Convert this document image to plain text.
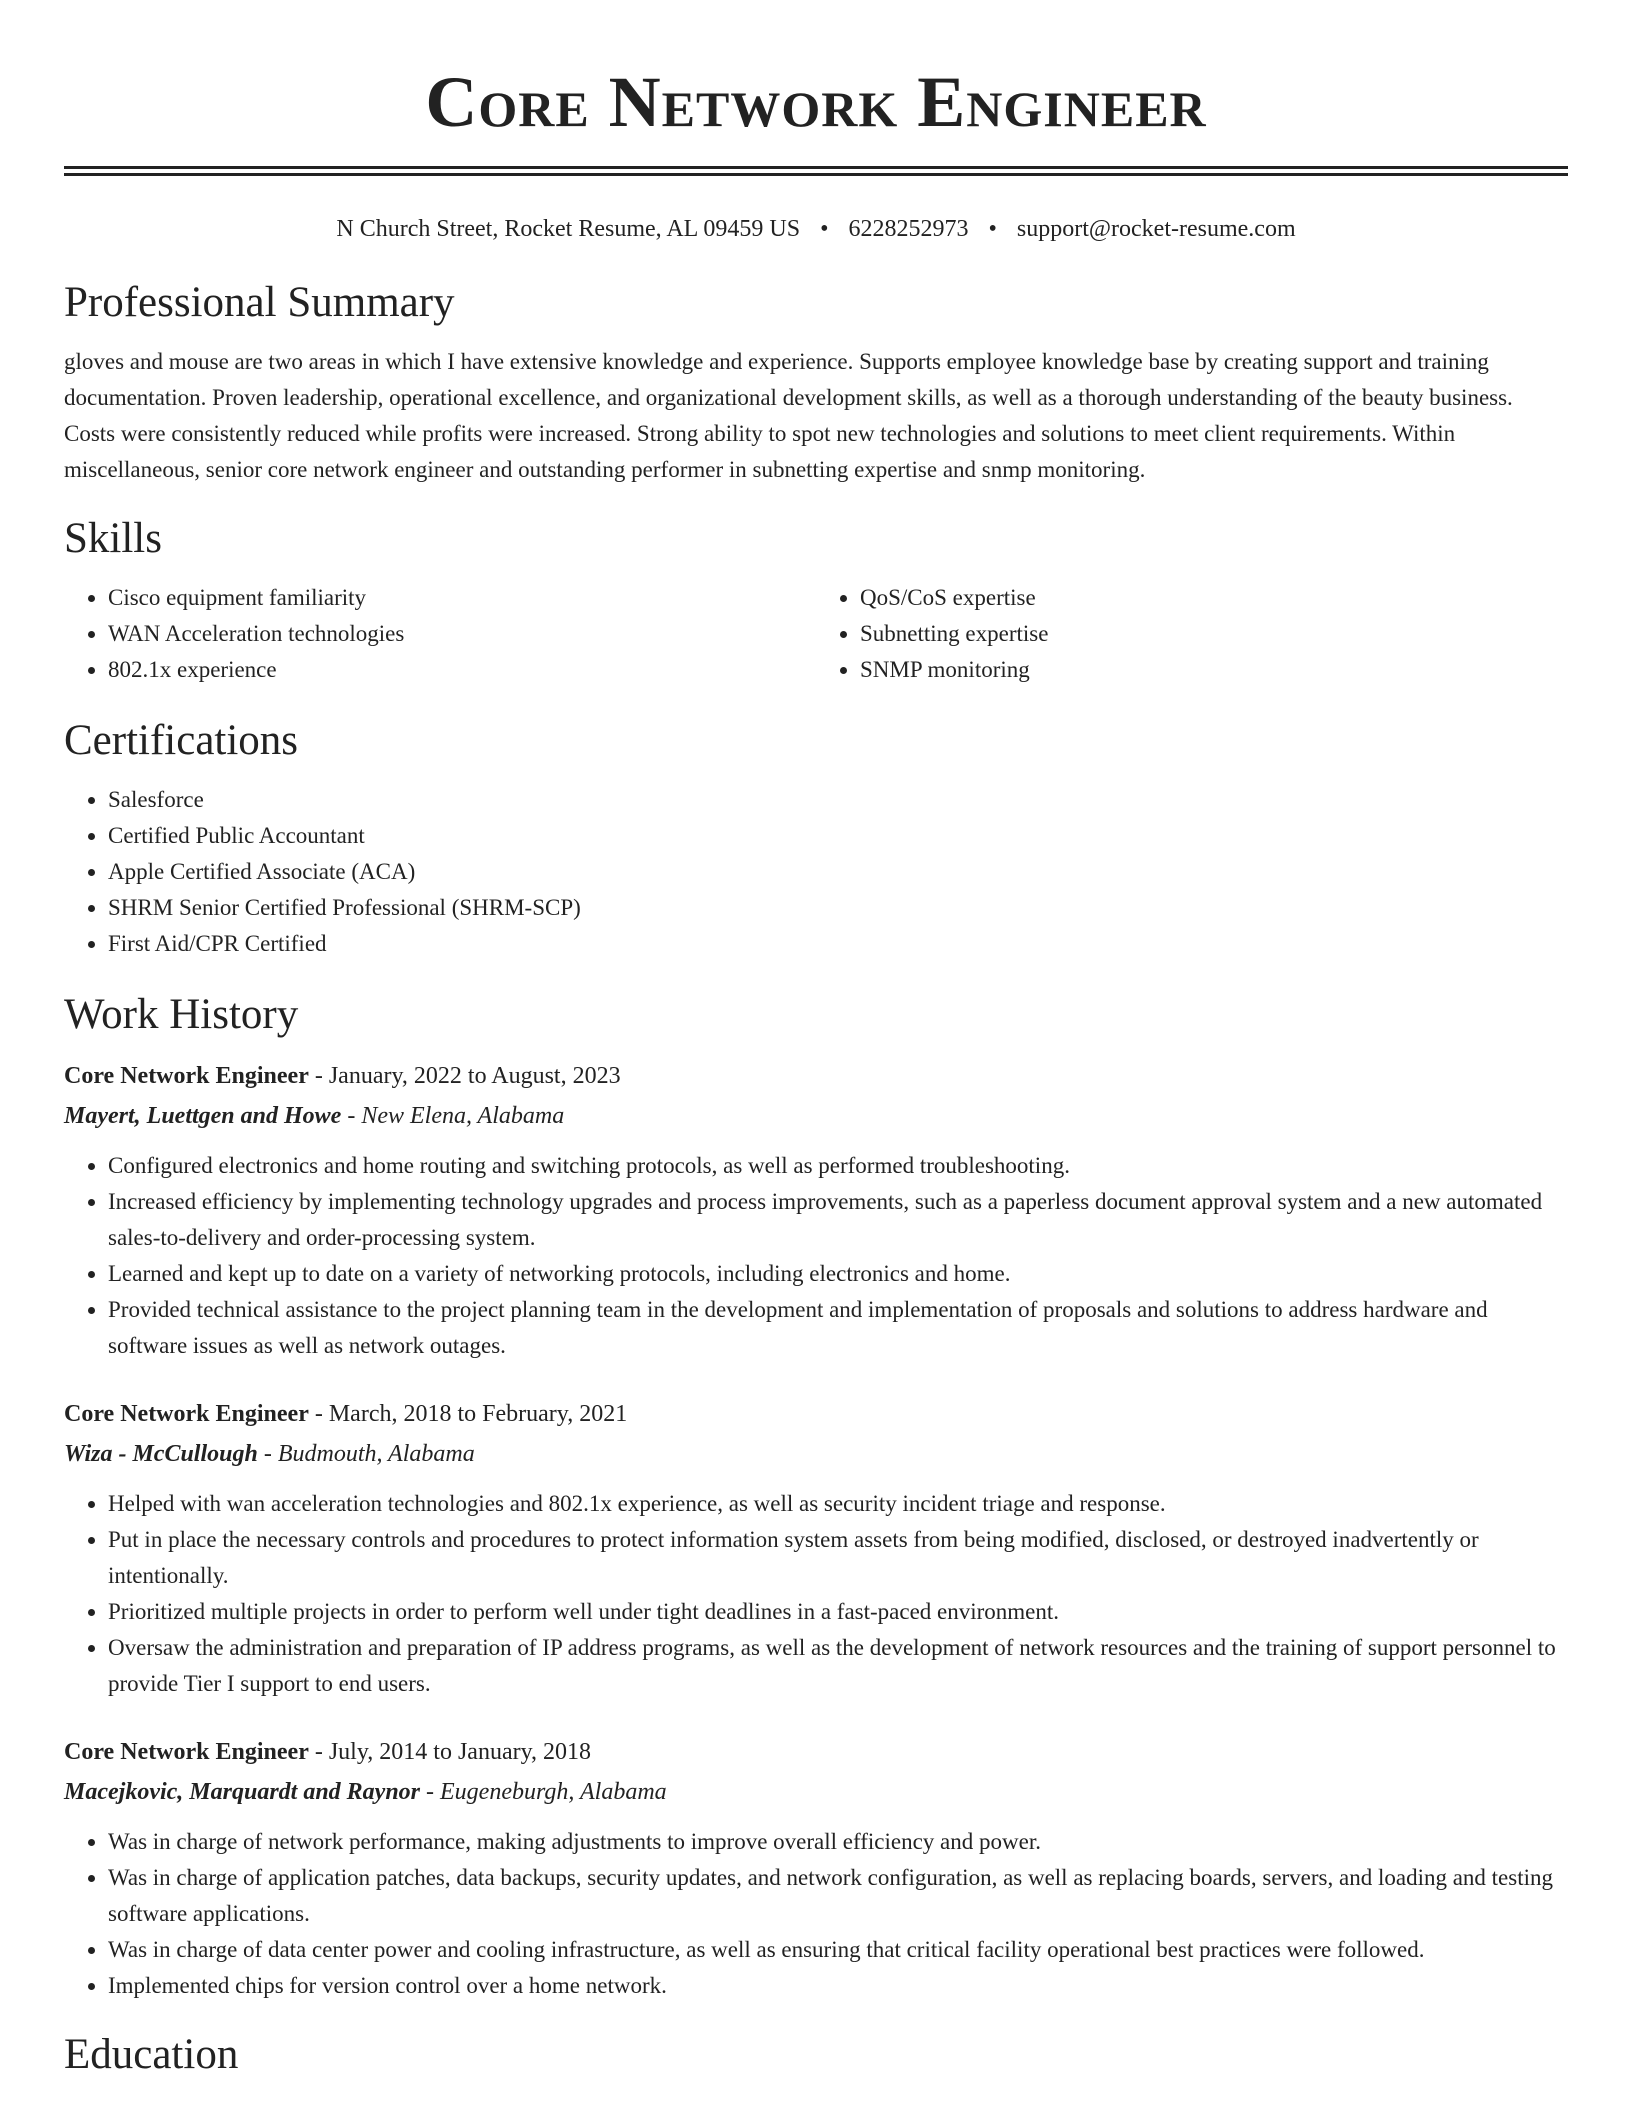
Core Network Engineer
N Church Street, Rocket Resume, AL 09459 US • 6228252973 • support@rocket-resume.com
Professional Summary

gloves and mouse are two areas in which I have extensive knowledge and experience. Supports employee knowledge base by creating support and training documentation. Proven leadership, operational excellence, and organizational development skills, as well as a thorough understanding of the beauty business. Costs were consistently reduced while profits were increased. Strong ability to spot new technologies and solutions to meet client requirements. Within miscellaneous, senior core network engineer and outstanding performer in subnetting expertise and snmp monitoring.

Skills
• Cisco equipment familiarity
• WAN Acceleration technologies
• 802.1x experience
• QoS/CoS expertise
• Subnetting expertise
• SNMP monitoring
Certifications
• Salesforce
• Certified Public Accountant
• Apple Certified Associate (ACA)
• SHRM Senior Certified Professional (SHRM-SCP)
• First Aid/CPR Certified
Work History
Core Network Engineer - January, 2022 to August, 2023
Mayert, Luettgen and Howe - New Elena, Alabama
• Configured electronics and home routing and switching protocols, as well as performed troubleshooting.
• Increased efficiency by implementing technology upgrades and process improvements, such as a paperless document approval system and a new automated sales-to-delivery and order-processing system.
• Learned and kept up to date on a variety of networking protocols, including electronics and home.
• Provided technical assistance to the project planning team in the development and implementation of proposals and solutions to address hardware and software issues as well as network outages.
Core Network Engineer - March, 2018 to February, 2021
Wiza - McCullough - Budmouth, Alabama
• Helped with wan acceleration technologies and 802.1x experience, as well as security incident triage and response.
• Put in place the necessary controls and procedures to protect information system assets from being modified, disclosed, or destroyed inadvertently or intentionally.
• Prioritized multiple projects in order to perform well under tight deadlines in a fast-paced environment.
• Oversaw the administration and preparation of IP address programs, as well as the development of network resources and the training of support personnel to provide Tier I support to end users.
Core Network Engineer - July, 2014 to January, 2018
Macejkovic, Marquardt and Raynor - Eugeneburgh, Alabama
• Was in charge of network performance, making adjustments to improve overall efficiency and power.
• Was in charge of application patches, data backups, security updates, and network configuration, as well as replacing boards, servers, and loading and testing software applications.
• Was in charge of data center power and cooling infrastructure, as well as ensuring that critical facility operational best practices were followed.
• Implemented chips for version control over a home network.
Education
